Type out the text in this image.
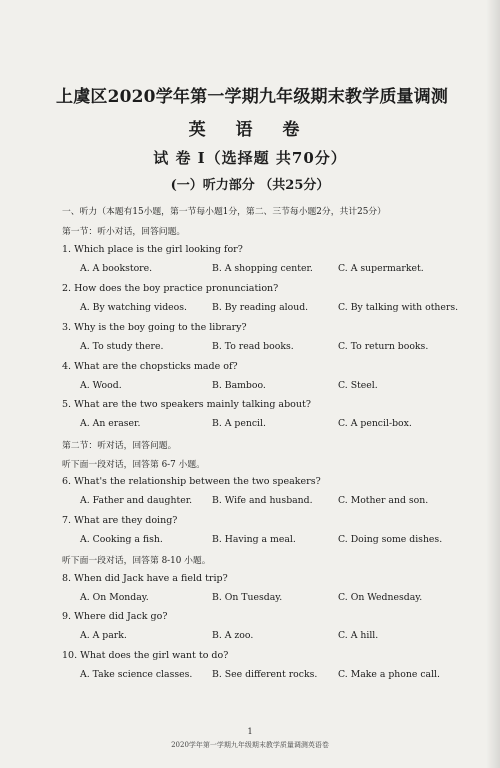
上虞区2020学年第一学期九年级期末教学质量调测
英 语 卷
试 卷 I（选择题 共70分）
(一）听力部分 （共25分）
一、听力（本题有15小题，第一节每小题1分，第二、三节每小题2分，共计25分）
第一节：听小对话，回答问题。
1. Which place is the girl looking for?
A. A bookstore.	B. A shopping center.	C. A supermarket.
2. How does the boy practice pronunciation?
A. By watching videos.	B. By reading aloud.	C. By talking with others.
3. Why is the boy going to the library?
A. To study there.	B. To read books.	C. To return books.
4. What are the chopsticks made of?
A. Wood.	B. Bamboo.	C. Steel.
5. What are the two speakers mainly talking about?
A. An eraser.	B. A pencil.	C. A pencil-box.
第二节：听对话，回答问题。
听下面一段对话，回答第 6-7 小题。
6. What's the relationship between the two speakers?
A. Father and daughter. B. Wife and husband.	C. Mother and son.
7. What are they doing?
A. Cooking a fish.	B. Having a meal.	C. Doing some dishes.
听下面一段对话，回答第 8-10 小题。
8. When did Jack have a field trip?
A. On Monday.	B. On Tuesday.	C. On Wednesday.
9. Where did Jack go?
A. A park.	B. A zoo.	C. A hill.
10. What does the girl want to do?
A. Take science classes. B. See different rocks. C. Make a phone call.
1
2020学年第一学期九年级期末教学质量调测英语卷
